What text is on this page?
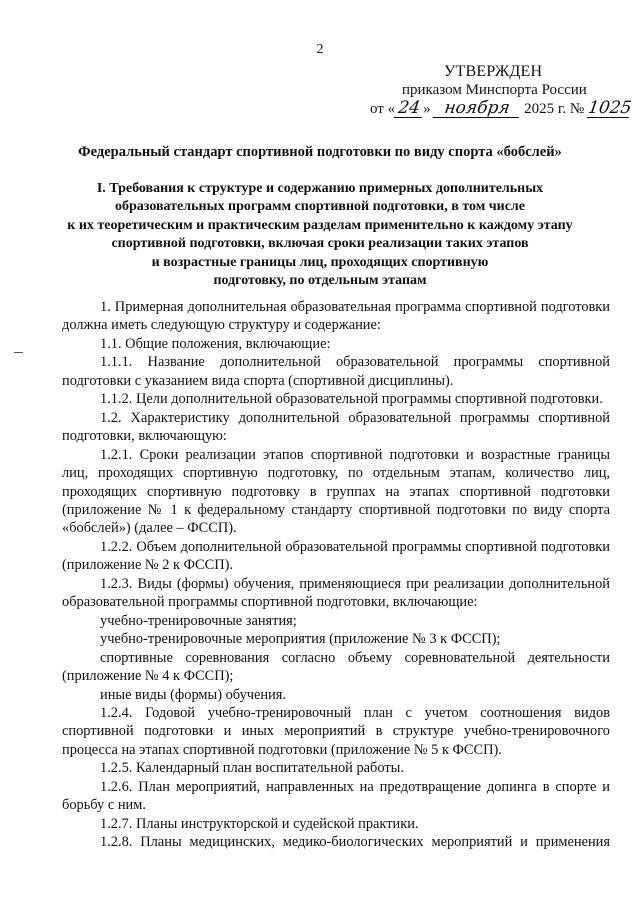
2
УТВЕРЖДЕН
приказом Минспорта России
от « 24 » ноября 2025 г. № 1025
Федеральный стандарт спортивной подготовки по виду спорта «бобслей»
I. Требования к структуре и содержанию примерных дополнительных
образовательных программ спортивной подготовки, в том числе
к их теоретическим и практическим разделам применительно к каждому этапу
спортивной подготовки, включая сроки реализации таких этапов
и возрастные границы лиц, проходящих спортивную
подготовку, по отдельным этапам

1. Примерная дополнительная образовательная программа спортивной подготовки должна иметь следующую структуру и содержание:

1.1. Общие положения, включающие:

1.1.1. Название дополнительной образовательной программы спортивной подготовки с указанием вида спорта (спортивной дисциплины).

1.1.2. Цели дополнительной образовательной программы спортивной подготовки.

1.2. Характеристику дополнительной образовательной программы спортивной подготовки, включающую:

1.2.1. Сроки реализации этапов спортивной подготовки и возрастные границы лиц, проходящих спортивную подготовку, по отдельным этапам, количество лиц, проходящих спортивную подготовку в группах на этапах спортивной подготовки (приложение № 1 к федеральному стандарту спортивной подготовки по виду спорта «бобслей») (далее – ФССП).

1.2.2. Объем дополнительной образовательной программы спортивной подготовки (приложение № 2 к ФССП).

1.2.3. Виды (формы) обучения, применяющиеся при реализации дополнительной образовательной программы спортивной подготовки, включающие:

учебно-тренировочные занятия;

учебно-тренировочные мероприятия (приложение № 3 к ФССП);

спортивные соревнования согласно объему соревновательной деятельности (приложение № 4 к ФССП);

иные виды (формы) обучения.

1.2.4. Годовой учебно-тренировочный план с учетом соотношения видов спортивной подготовки и иных мероприятий в структуре учебно-тренировочного процесса на этапах спортивной подготовки (приложение № 5 к ФССП).

1.2.5. Календарный план воспитательной работы.

1.2.6. План мероприятий, направленных на предотвращение допинга в спорте и борьбу с ним.

1.2.7. Планы инструкторской и судейской практики.

1.2.8. Планы медицинских, медико-биологических мероприятий и применения
